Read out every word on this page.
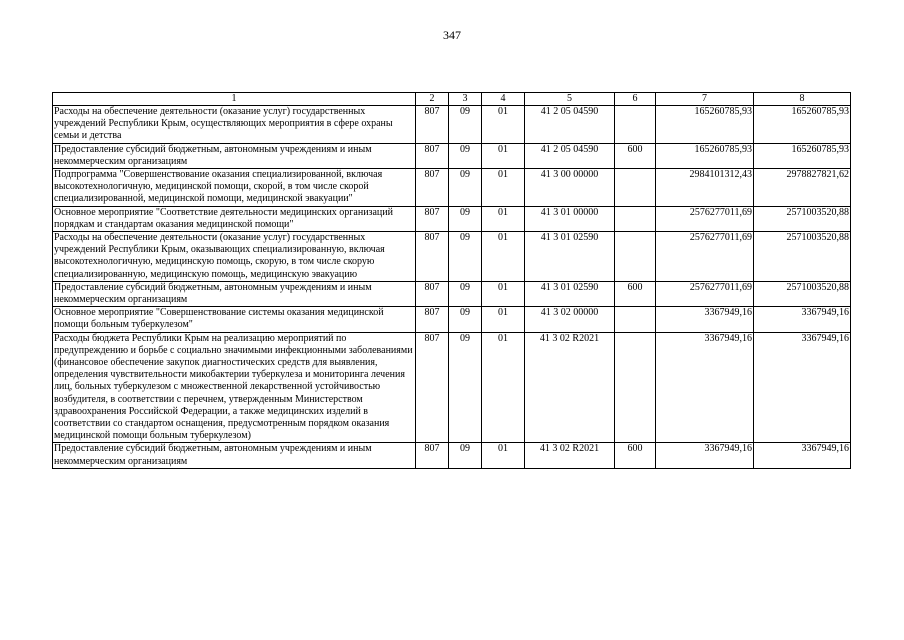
347
1	2	3	4	5	6	7	8
Расходы на обеспечение деятельности (оказание услуг) государственных учреждений Республики Крым, осуществляющих мероприятия в сфере охраны семьи и детства	807	09	01	41 2 05 04590		165260785,93	165260785,93
Предоставление субсидий бюджетным, автономным учреждениям и иным некоммерческим организациям	807	09	01	41 2 05 04590	600	165260785,93	165260785,93
Подпрограмма "Совершенствование оказания специализированной, включая высокотехнологичную, медицинской помощи, скорой, в том числе скорой специализированной, медицинской помощи, медицинской эвакуации"	807	09	01	41 3 00 00000		2984101312,43	2978827821,62
Основное мероприятие "Соответствие деятельности медицинских организаций порядкам и стандартам оказания медицинской помощи"	807	09	01	41 3 01 00000		2576277011,69	2571003520,88
Расходы на обеспечение деятельности (оказание услуг) государственных учреждений Республики Крым, оказывающих специализированную, включая высокотехнологичную, медицинскую помощь, скорую, в том числе скорую специализированную, медицинскую помощь, медицинскую эвакуацию	807	09	01	41 3 01 02590		2576277011,69	2571003520,88
Предоставление субсидий бюджетным, автономным учреждениям и иным некоммерческим организациям	807	09	01	41 3 01 02590	600	2576277011,69	2571003520,88
Основное мероприятие "Совершенствование системы оказания медицинской помощи больным туберкулезом"	807	09	01	41 3 02 00000		3367949,16	3367949,16
Расходы бюджета Республики Крым на реализацию мероприятий по предупреждению и борьбе с социально значимыми инфекционными заболеваниями (финансовое обеспечение закупок диагностических средств для выявления, определения чувствительности микобактерии туберкулеза и мониторинга лечения лиц, больных туберкулезом с множественной лекарственной устойчивостью возбудителя, в соответствии с перечнем, утвержденным Министерством здравоохранения Российской Федерации, а также медицинских изделий в соответствии со стандартом оснащения, предусмотренным порядком оказания медицинской помощи больным туберкулезом)	807	09	01	41 3 02 R2021		3367949,16	3367949,16
Предоставление субсидий бюджетным, автономным учреждениям и иным некоммерческим организациям	807	09	01	41 3 02 R2021	600	3367949,16	3367949,16
